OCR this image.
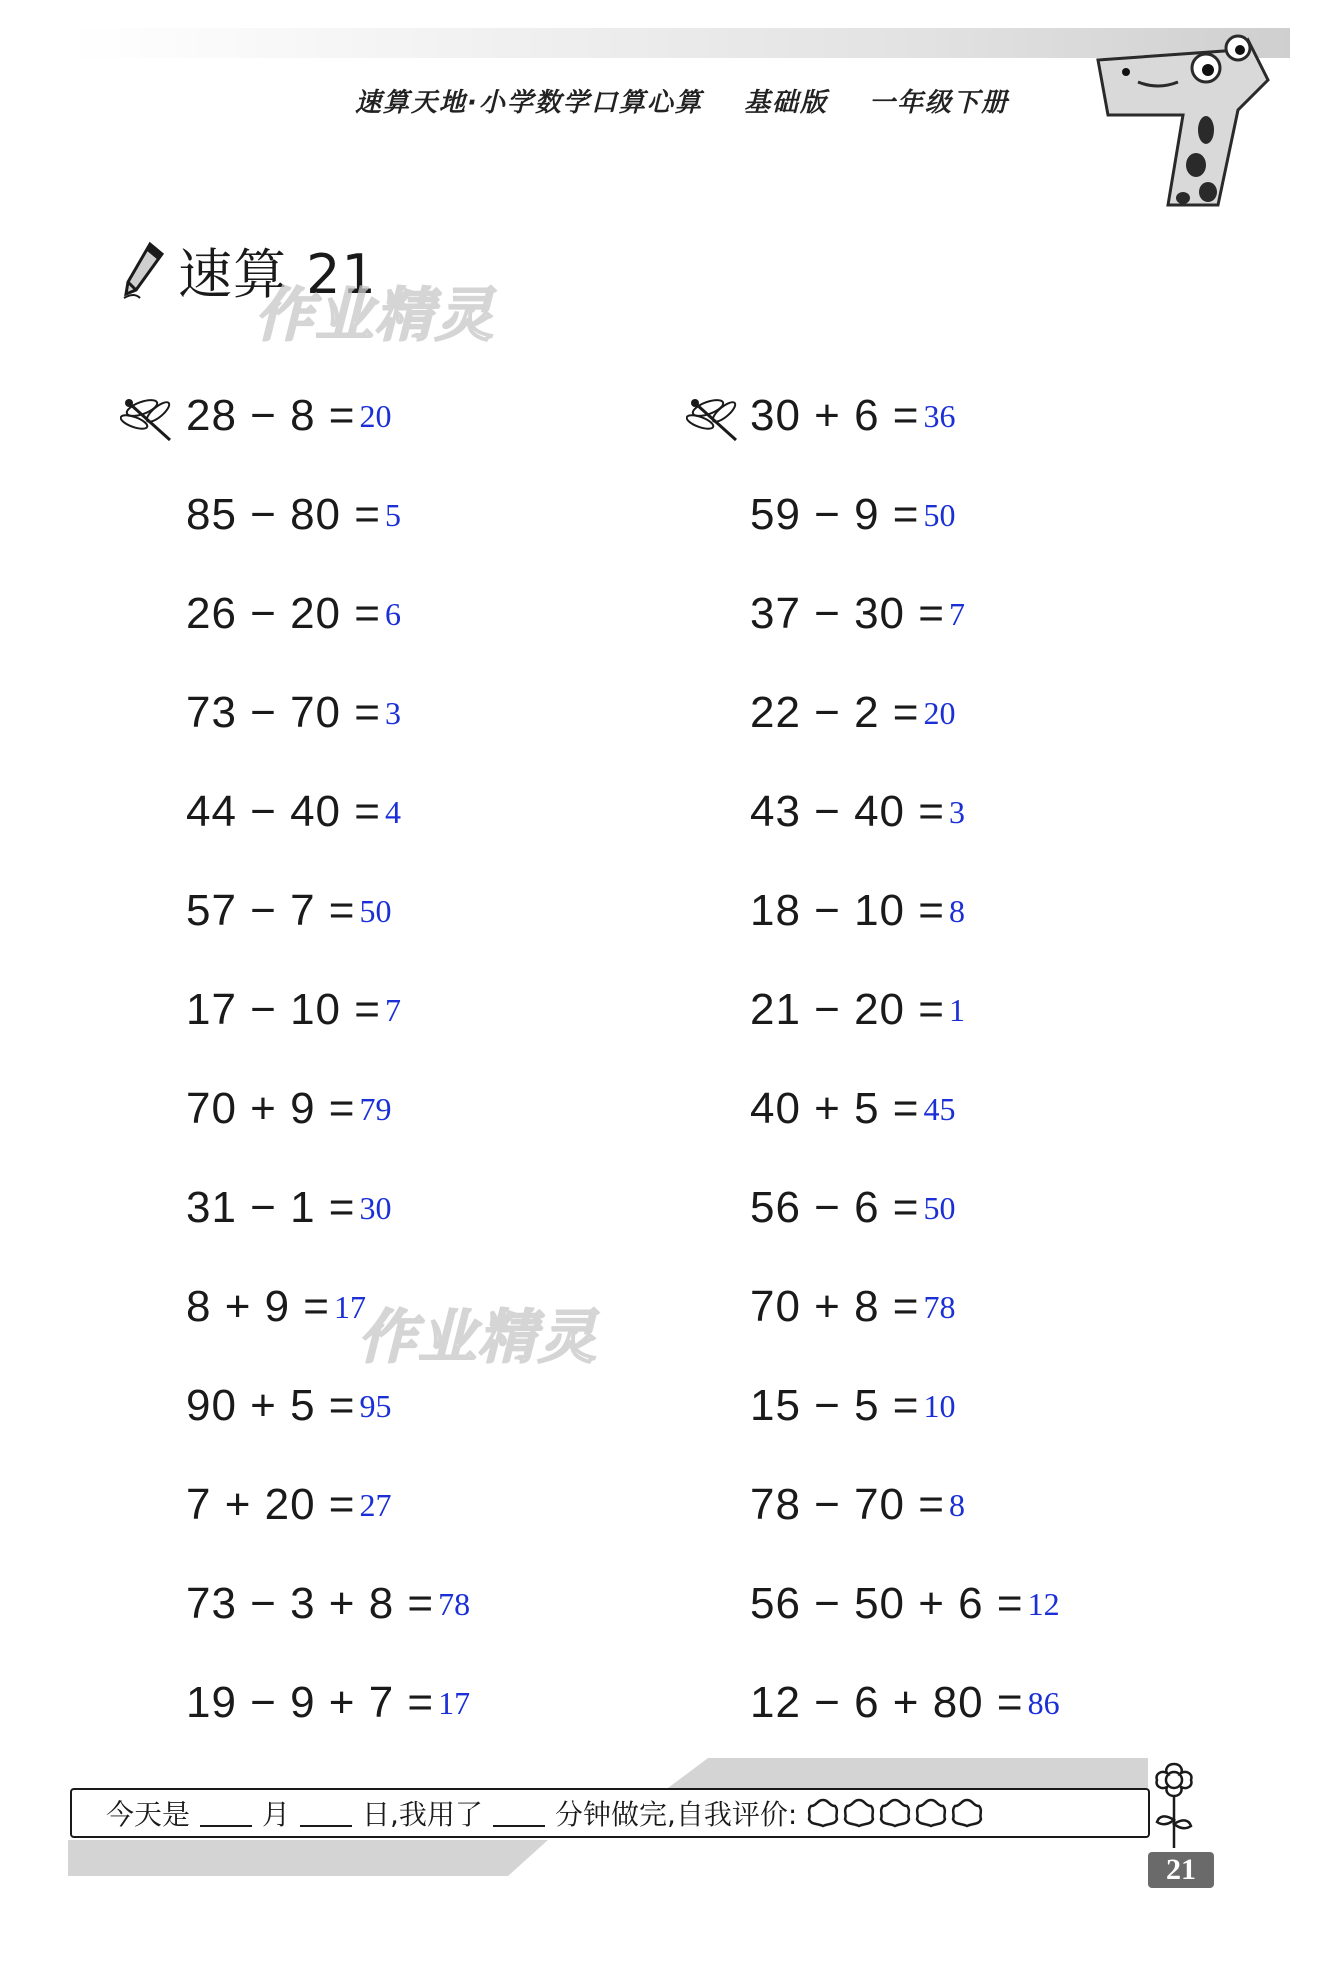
速算天地·小学数学口算心算 基础版 一年级下册
速算 21
作业精灵
作业精灵
28 − 8 = 20
85 − 80 = 5
26 − 20 = 6
73 − 70 = 3
44 − 40 = 4
57 − 7 = 50
17 − 10 = 7
70 + 9 = 79
31 − 1 = 30
8 + 9 = 17
90 + 5 = 95
7 + 20 = 27
73 − 3 + 8 = 78
19 − 9 + 7 = 17
30 + 6 = 36
59 − 9 = 50
37 − 30 = 7
22 − 2 = 20
43 − 40 = 3
18 − 10 = 8
21 − 20 = 1
40 + 5 = 45
56 − 6 = 50
70 + 8 = 78
15 − 5 = 10
78 − 70 = 8
56 − 50 + 6 = 12
12 − 6 + 80 = 86
今天是	月	日,我用了	分钟做完,自我评价:
21
